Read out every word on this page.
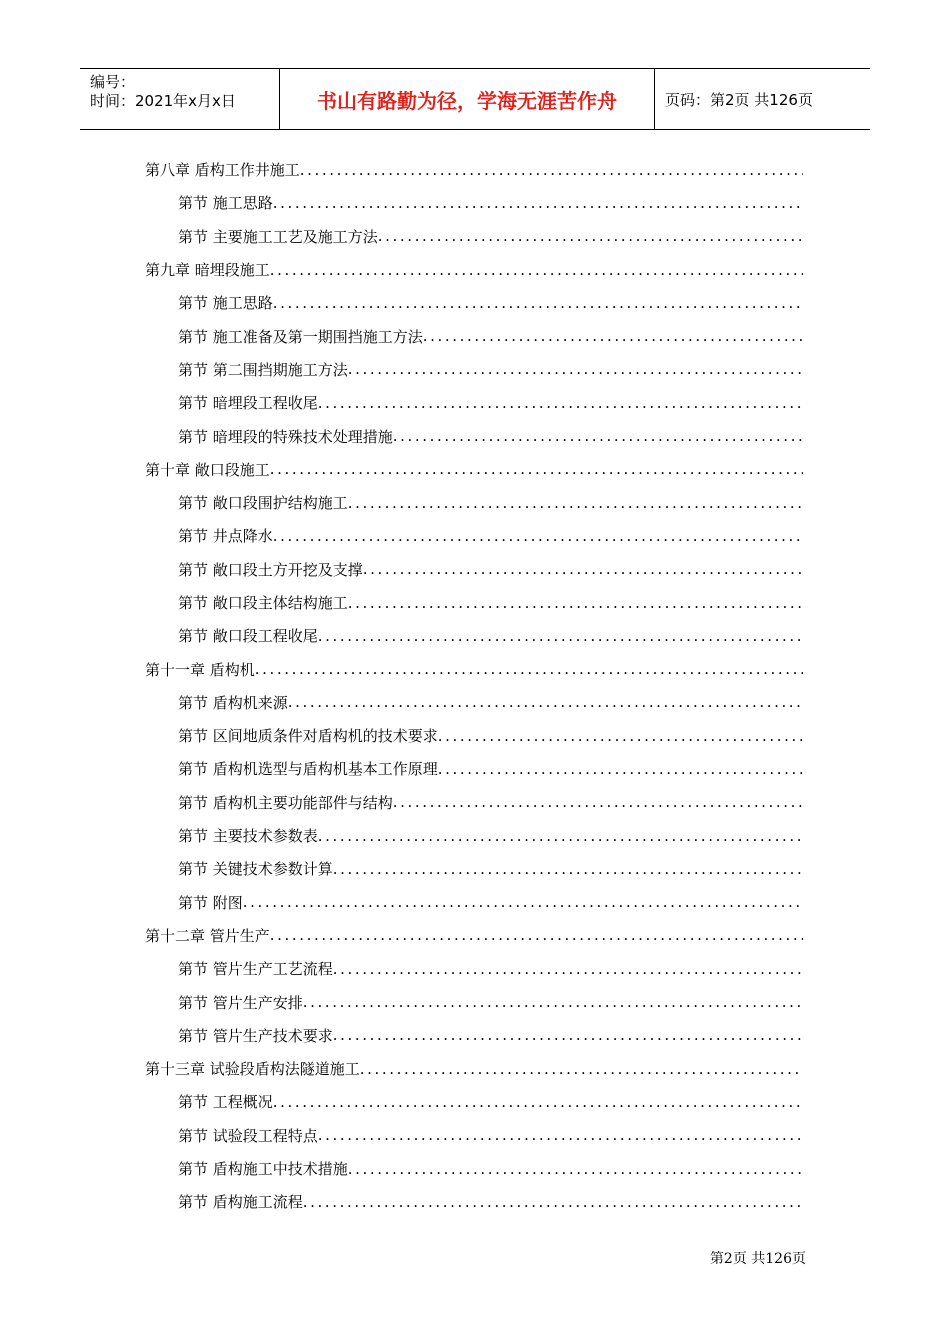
编号：
时间：2021年x月x日	书山有路勤为径，学海无涯苦作舟	页码：第2页 共126页
第八章 盾构工作井施工
.....
第节 施工思路
.....
第节 主要施工工艺及施工方法
.....
第九章 暗埋段施工
.....
第节 施工思路
.....
第节 施工准备及第一期围挡施工方法
.....
第节 第二围挡期施工方法
.....
第节 暗埋段工程收尾
.....
第节 暗埋段的特殊技术处理措施
.....
第十章 敞口段施工
.....
第节 敞口段围护结构施工
.....
第节 井点降水
.....
第节 敞口段土方开挖及支撑
.....
第节 敞口段主体结构施工
.....
第节 敞口段工程收尾
.....
第十一章 盾构机
.....
第节 盾构机来源
.....
第节 区间地质条件对盾构机的技术要求
.....
第节 盾构机选型与盾构机基本工作原理
.....
第节 盾构机主要功能部件与结构
.....
第节 主要技术参数表
.....
第节 关键技术参数计算
.....
第节 附图
.....
第十二章 管片生产
.....
第节 管片生产工艺流程
.....
第节 管片生产安排
.....
第节 管片生产技术要求
.....
第十三章 试验段盾构法隧道施工
.....
第节 工程概况
.....
第节 试验段工程特点
.....
第节 盾构施工中技术措施
.....
第节 盾构施工流程
.....
第2页 共126页
